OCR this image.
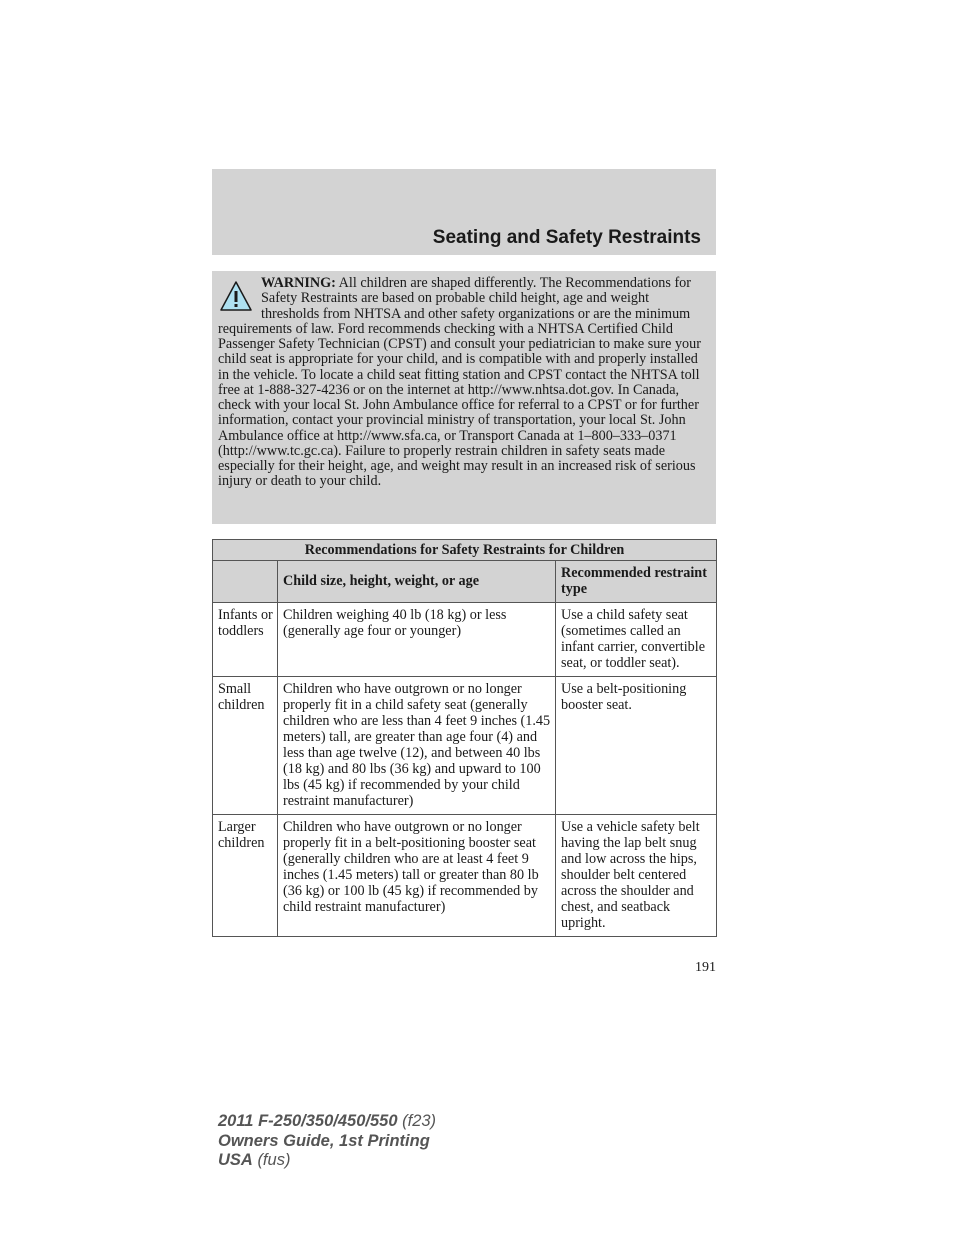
Seating and Safety Restraints

WARNING: All children are shaped differently. The Recommendations for Safety Restraints are based on probable child height, age and weight thresholds from NHTSA and other safety organizations or are the minimum requirements of law. Ford recommends checking with a NHTSA Certified Child Passenger Safety Technician (CPST) and consult your pediatrician to make sure your child seat is appropriate for your child, and is compatible with and properly installed in the vehicle. To locate a child seat fitting station and CPST contact the NHTSA toll free at 1-888-327-4236 or on the internet at http://www.nhtsa.dot.gov. In Canada, check with your local St. John Ambulance office for referral to a CPST or for further information, contact your provincial ministry of transportation, your local St. John Ambulance office at http://www.sfa.ca, or Transport Canada at 1–800–333–0371 (http://www.tc.gc.ca). Failure to properly restrain children in safety seats made especially for their height, age, and weight may result in an increased risk of serious injury or death to your child.

Recommendations for Safety Restraints for Children		
	Child size, height, weight, or age	Recommended restraint type
Infants or toddlers	Children weighing 40 lb (18 kg) or less (generally age four or younger)	Use a child safety seat (sometimes called an infant carrier, convertible seat, or toddler seat).
Small children	Children who have outgrown or no longer properly fit in a child safety seat (generally children who are less than 4 feet 9 inches (1.45 meters) tall, are greater than age four (4) and less than age twelve (12), and between 40 lbs (18 kg) and 80 lbs (36 kg) and upward to 100 lbs (45 kg) if recommended by your child restraint manufacturer)	Use a belt-positioning booster seat.
Larger children	Children who have outgrown or no longer properly fit in a belt-positioning booster seat (generally children who are at least 4 feet 9 inches (1.45 meters) tall or greater than 80 lb (36 kg) or 100 lb (45 kg) if recommended by child restraint manufacturer)	Use a vehicle safety belt having the lap belt snug and low across the hips, shoulder belt centered across the shoulder and chest, and seatback upright.
191
2011 F-250/350/450/550 (f23)
Owners Guide, 1st Printing
USA (fus)
